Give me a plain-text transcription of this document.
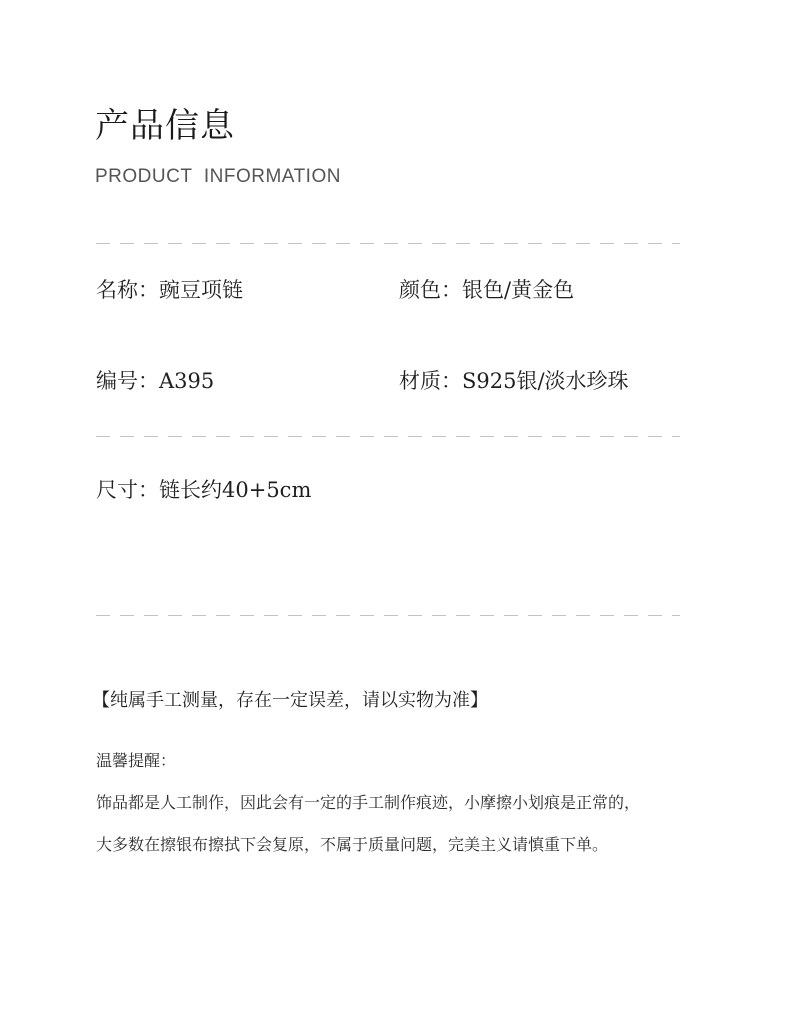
产品信息
PRODUCT INFORMATION
名称：豌豆项链	颜色：银色/黄金色
编号：A395	材质：S925银/淡水珍珠
尺寸：链长约40+5cm
【纯属手工测量，存在一定误差，请以实物为准】
温馨提醒：
饰品都是人工制作，因此会有一定的手工制作痕迹，小摩擦小划痕是正常的，
大多数在擦银布擦拭下会复原，不属于质量问题，完美主义请慎重下单。
